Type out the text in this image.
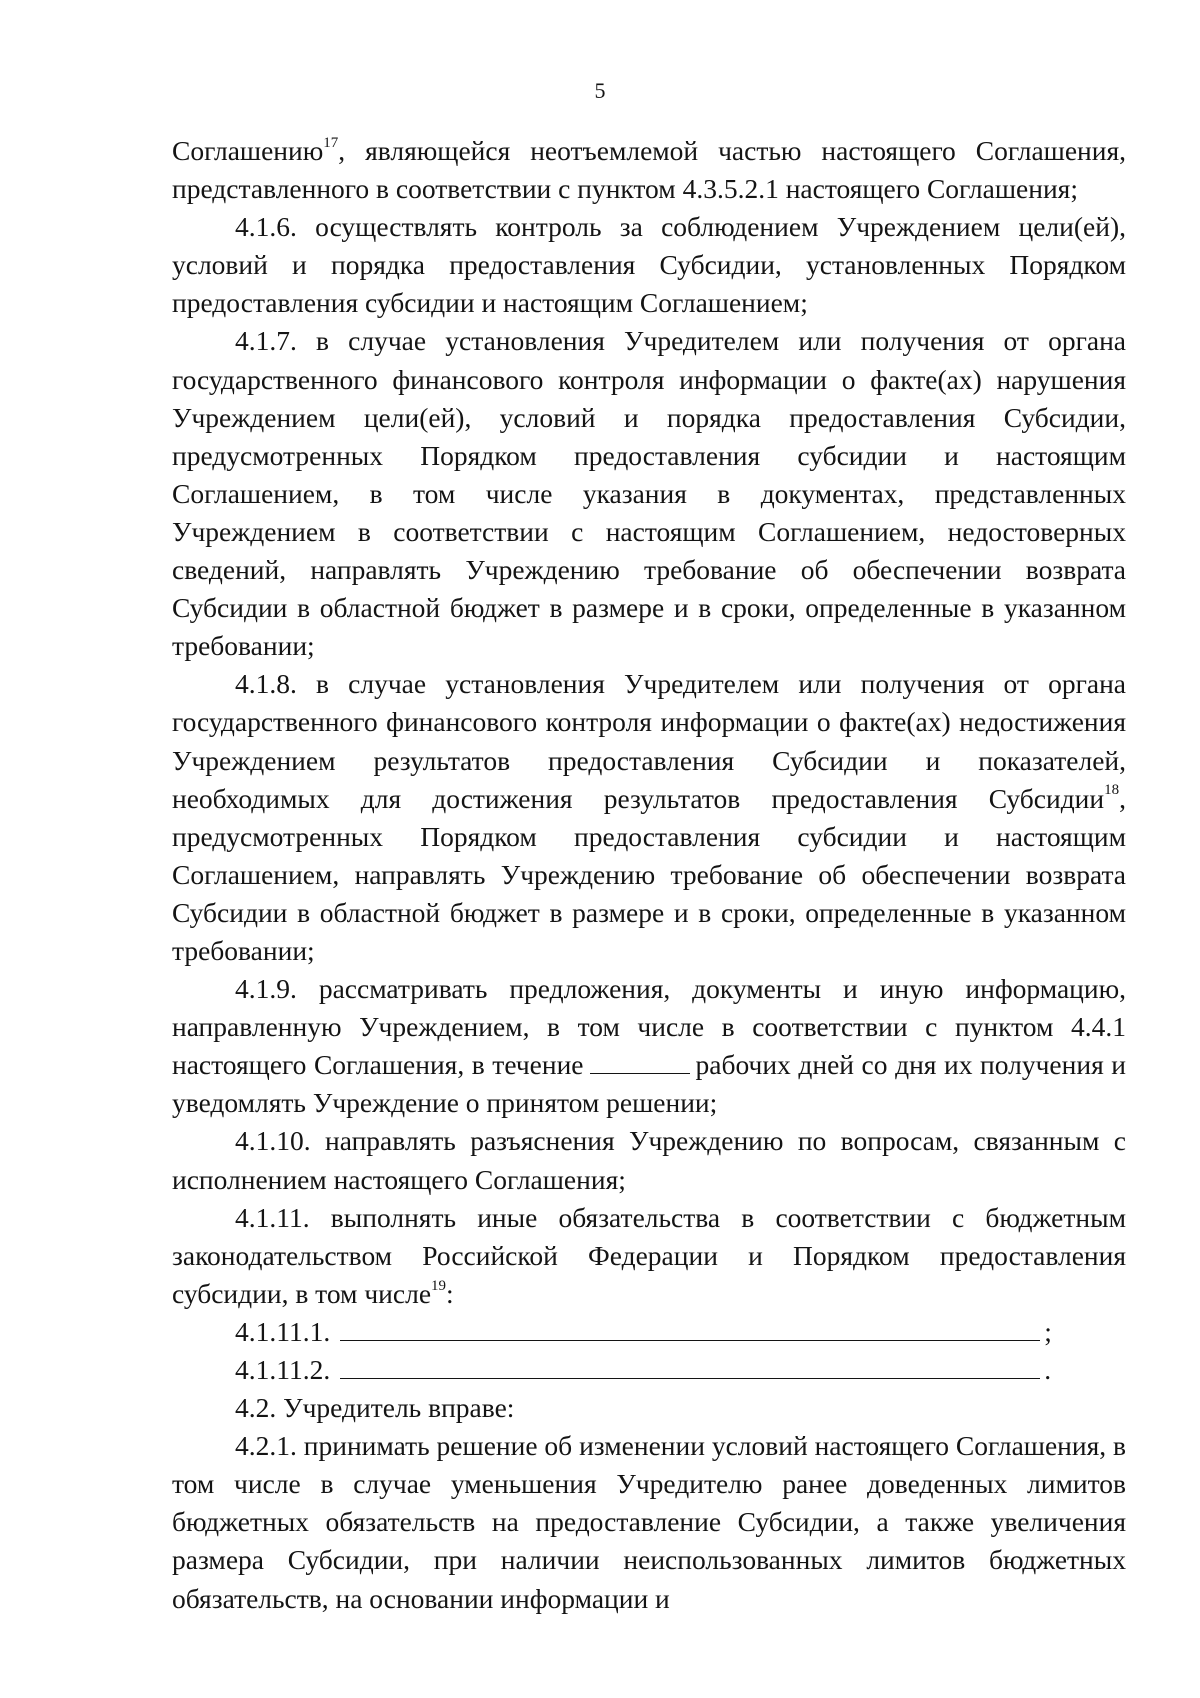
5

Соглашению$^{17}$, являющейся неотъемлемой частью настоящего Соглашения, представленного в соответствии с пунктом 4.3.5.2.1 настоящего Соглашения;

4.1.6. осуществлять контроль за соблюдением Учреждением цели(ей), условий и порядка предоставления Субсидии, установленных Порядком предоставления субсидии и настоящим Соглашением;

4.1.7. в случае установления Учредителем или получения от органа государственного финансового контроля информации о факте(ах) нарушения Учреждением цели(ей), условий и порядка предоставления Субсидии, предусмотренных Порядком предоставления субсидии и настоящим Соглашением, в том числе указания в документах, представленных Учреждением в соответствии с настоящим Соглашением, недостоверных сведений, направлять Учреждению требование об обеспечении возврата Субсидии в областной бюджет в размере и в сроки, определенные в указанном требовании;

4.1.8. в случае установления Учредителем или получения от органа государственного финансового контроля информации о факте(ах) недостижения Учреждением результатов предоставления Субсидии и показателей, необходимых для достижения результатов предоставления Субсидии$^{18}$, предусмотренных Порядком предоставления субсидии и настоящим Соглашением, направлять Учреждению требование об обеспечении возврата Субсидии в областной бюджет в размере и в сроки, определенные в указанном требовании;

4.1.9. рассматривать предложения, документы и иную информацию, направленную Учреждением, в том числе в соответствии с пунктом 4.4.1 настоящего Соглашения, в течение	рабочих дней со дня их получения и уведомлять Учреждение о принятом решении;

4.1.10. направлять разъяснения Учреждению по вопросам, связанным с исполнением настоящего Соглашения;

4.1.11. выполнять иные обязательства в соответствии с бюджетным законодательством Российской Федерации и Порядком предоставления субсидии, в том числе$^{19}$:

4.1.11.1.	;

4.1.11.2.	.

4.2. Учредитель вправе:

4.2.1. принимать решение об изменении условий настоящего Соглашения, в том числе в случае уменьшения Учредителю ранее доведенных лимитов бюджетных обязательств на предоставление Субсидии, а также увеличения размера Субсидии, при наличии неиспользованных лимитов бюджетных обязательств, на основании информации и
